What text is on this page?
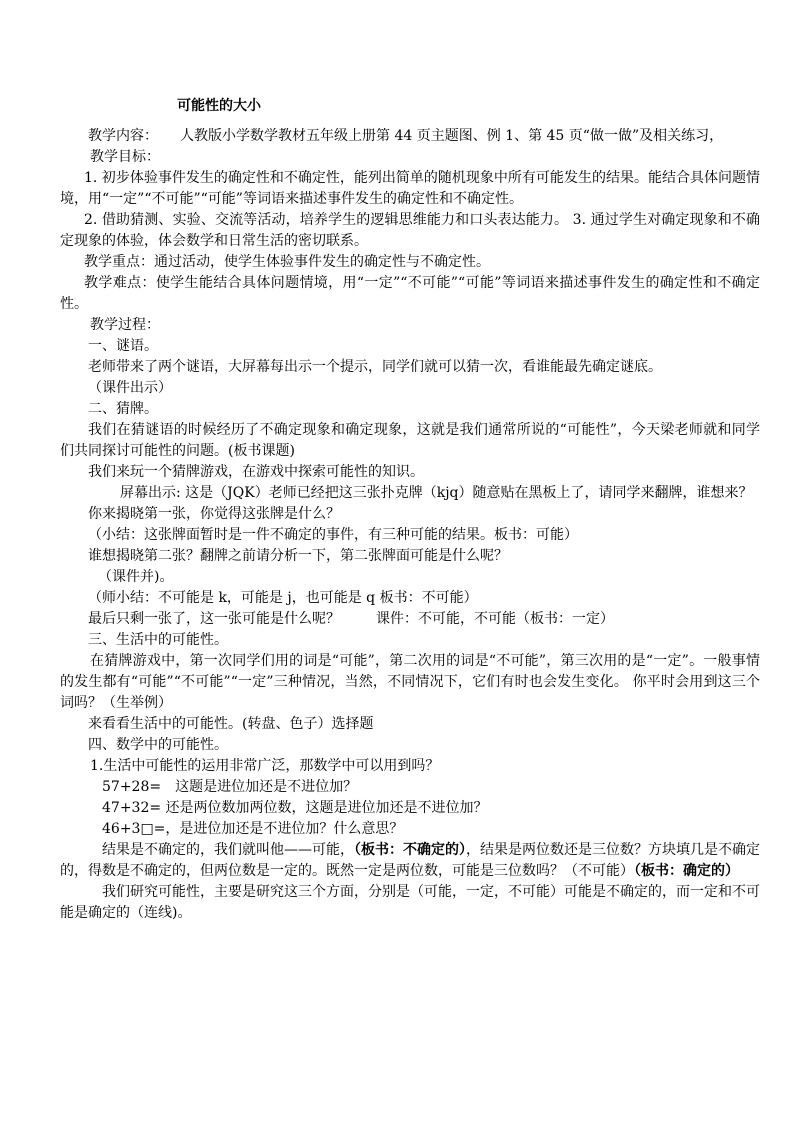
可能性的大小

教学内容： 人教版小学数学教材五年级上册第 44 页主题图、例 1、第 45 页“做一做”及相关练习，

教学目标：

1. 初步体验事件发生的确定性和不确定性，能列出简单的随机现象中所有可能发生的结果。能结合具体问题情境，用“一定”“不可能”“可能”等词语来描述事件发生的确定性和不确定性。

2. 借助猜测、实验、交流等活动，培养学生的逻辑思维能力和口头表达能力。 3. 通过学生对确定现象和不确定现象的体验，体会数学和日常生活的密切联系。

教学重点：通过活动，使学生体验事件发生的确定性与不确定性。

教学难点：使学生能结合具体问题情境，用“一定”“不可能”“可能”等词语来描述事件发生的确定性和不确定性。

教学过程：

一、谜语。

老师带来了两个谜语，大屏幕每出示一个提示，同学们就可以猜一次，看谁能最先确定谜底。

（课件出示）

二、猜牌。

我们在猜谜语的时候经历了不确定现象和确定现象，这就是我们通常所说的“可能性”，今天梁老师就和同学们共同探讨可能性的问题。(板书课题)

我们来玩一个猜牌游戏，在游戏中探索可能性的知识。

屏幕出示: 这是（JQK）老师已经把这三张扑克牌（kjq）随意贴在黑板上了，请同学来翻牌，谁想来？

你来揭晓第一张，你觉得这张牌是什么？

（小结：这张牌面暂时是一件不确定的事件，有三种可能的结果。板书：可能）

谁想揭晓第二张？翻牌之前请分析一下，第二张牌面可能是什么呢？

（课件并)。

（师小结：不可能是 k，可能是 j，也可能是 q 板书：不可能）

最后只剩一张了，这一张可能是什么呢？	课件：不可能，不可能（板书：一定）

三、生活中的可能性。

在猜牌游戏中，第一次同学们用的词是“可能”，第二次用的词是“不可能”，第三次用的是“一定”。一般事情的发生都有“可能”“不可能”“一定”三种情况，当然，不同情况下，它们有时也会发生变化。 你平时会用到这三个词吗？（生举例）

来看看生活中的可能性。(转盘、色子）选择题

四、数学中的可能性。

1.生活中可能性的运用非常广泛，那数学中可以用到吗？

57+28=　这题是进位加还是不进位加？

47+32= 还是两位数加两位数，这题是进位加还是不进位加？

46+3□=，是进位加还是不进位加？什么意思？

结果是不确定的，我们就叫他——可能，（板书：不确定的），结果是两位数还是三位数？方块填几是不确定的，得数是不确定的，但两位数是一定的。既然一定是两位数，可能是三位数吗？（不可能）（板书：确定的）

我们研究可能性，主要是研究这三个方面，分别是（可能，一定，不可能）可能是不确定的，而一定和不可能是确定的（连线)。
